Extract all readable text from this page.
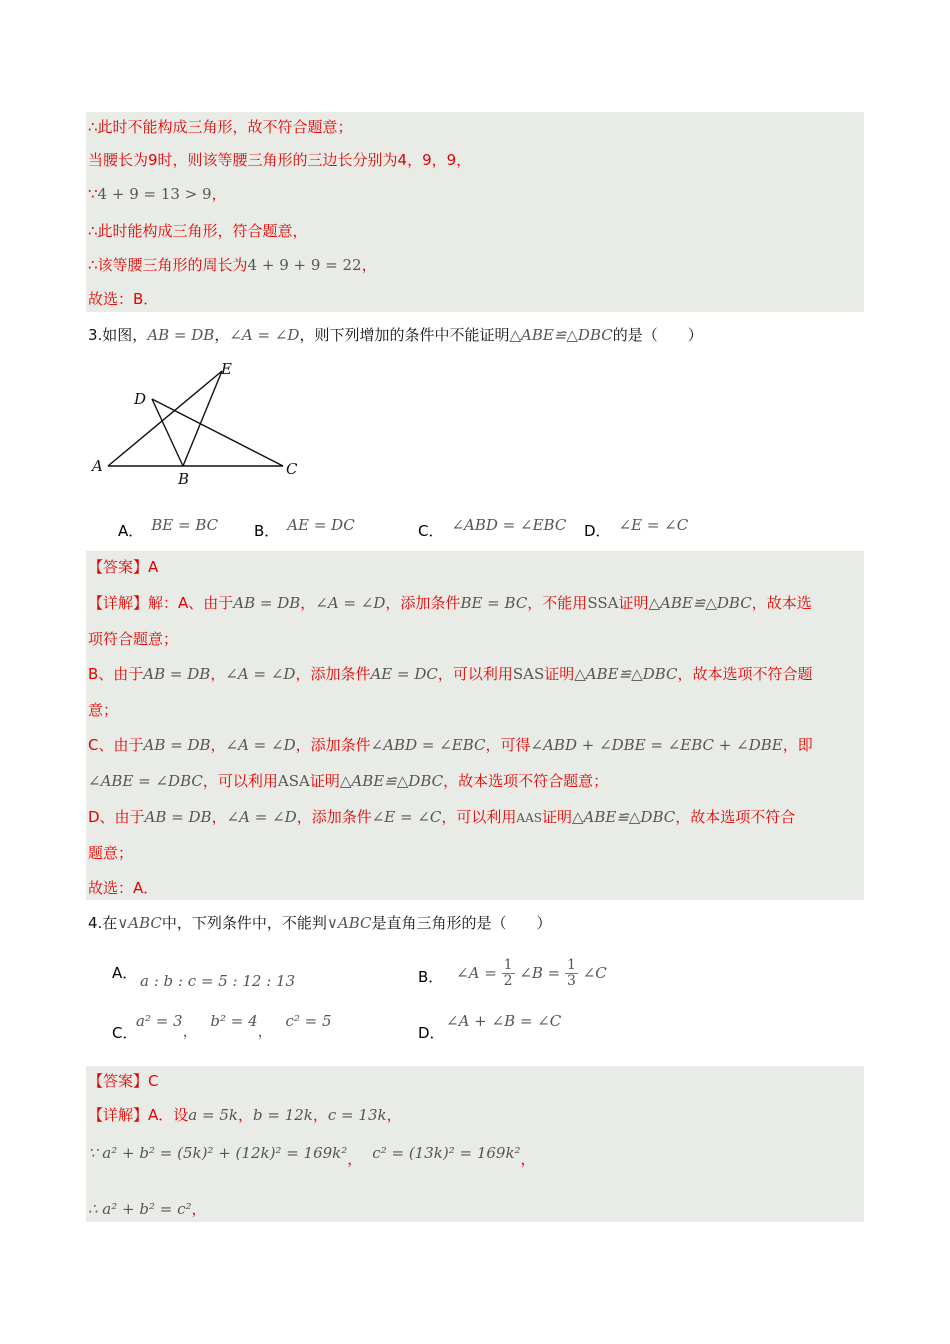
∴此时不能构成三角形，故不符合题意；
当腰长为9时，则该等腰三角形的三边长分别为4，9，9，
∵4 + 9 = 13 > 9，
∴此时能构成三角形，符合题意，
∴该等腰三角形的周长为4 + 9 + 9 = 22，
故选：B．
3.如图，AB = DB，∠A = ∠D，则下列增加的条件中不能证明△ABE≌△DBC的是（　　）
A
B
C
D
E
A． BE = BC B． AE = DC	C． ∠ABD = ∠EBC D． ∠E = ∠C
【答案】A
【详解】解：A、由于AB = DB，∠A = ∠D，添加条件BE = BC，不能用SSA证明△ABE≌△DBC，故本选
项符合题意；
B、由于AB = DB，∠A = ∠D，添加条件AE = DC，可以利用SAS证明△ABE≌△DBC，故本选项不符合题
意；
C、由于AB = DB，∠A = ∠D，添加条件∠ABD = ∠EBC，可得∠ABD + ∠DBE = ∠EBC + ∠DBE，即
∠ABE = ∠DBC，可以利用ASA证明△ABE≌△DBC，故本选项不符合题意；
D、由于AB = DB，∠A = ∠D，添加条件∠E = ∠C，可以利用AAS证明△ABE≌△DBC，故本选项不符合
题意；
故选：A．
4.在∨ABC中，下列条件中，不能判∨ABC是直角三角形的是（　　）
A． a : b : c = 5 : 12 : 13	B． ∠A = $\frac{1}{2}$ ∠B = $\frac{1}{3}$ ∠C
C．
a² = 3， b² = 4， c² = 5
D．
∠A + ∠B = ∠C
【答案】C
【详解】A．设a = 5k，b = 12k，c = 13k，
∵ a² + b² = (5k)² + (12k)² = 169k²， c² = (13k)² = 169k²，
∴ a² + b² = c²，
